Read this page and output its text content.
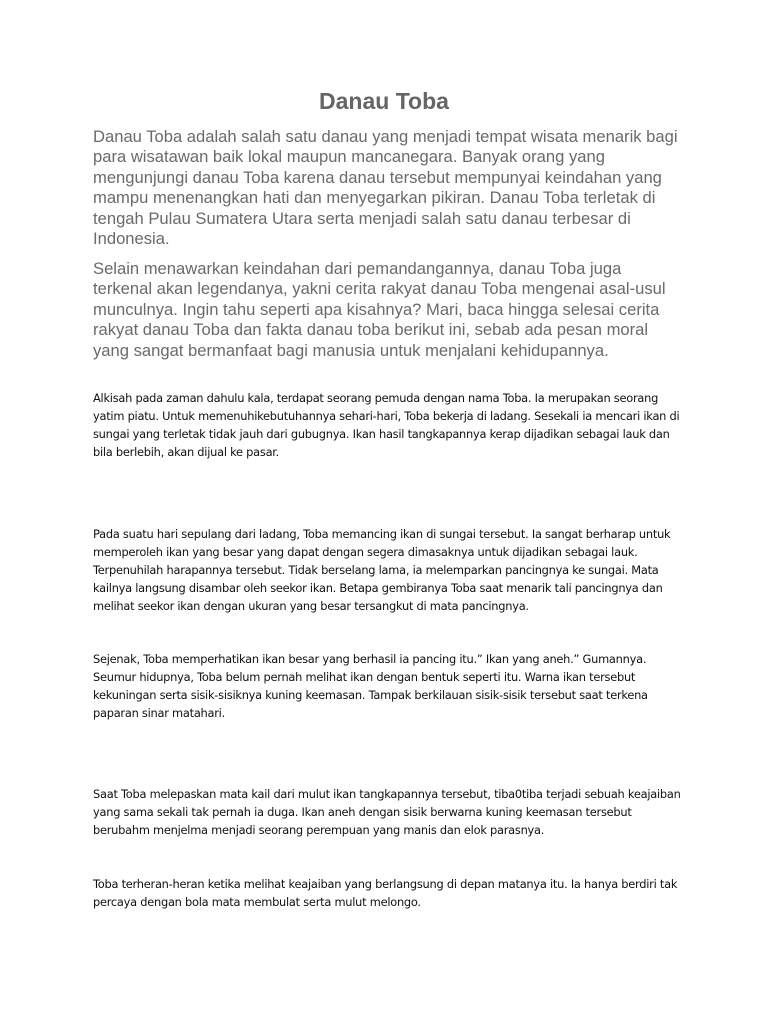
Danau Toba

Danau Toba adalah salah satu danau yang menjadi tempat wisata menarik bagi para wisatawan baik lokal maupun mancanegara. Banyak orang yang mengunjungi danau Toba karena danau tersebut mempunyai keindahan yang mampu menenangkan hati dan menyegarkan pikiran. Danau Toba terletak di tengah Pulau Sumatera Utara serta menjadi salah satu danau terbesar di Indonesia.

Selain menawarkan keindahan dari pemandangannya, danau Toba juga terkenal akan legendanya, yakni cerita rakyat danau Toba mengenai asal-usul munculnya. Ingin tahu seperti apa kisahnya? Mari, baca hingga selesai cerita rakyat danau Toba dan fakta danau toba berikut ini, sebab ada pesan moral yang sangat bermanfaat bagi manusia untuk menjalani kehidupannya.

Alkisah pada zaman dahulu kala, terdapat seorang pemuda dengan nama Toba. Ia merupakan seorang yatim piatu. Untuk memenuhikebutuhannya sehari-hari, Toba bekerja di ladang. Sesekali ia mencari ikan di sungai yang terletak tidak jauh dari gubugnya. Ikan hasil tangkapannya kerap dijadikan sebagai lauk dan bila berlebih, akan dijual ke pasar.

Pada suatu hari sepulang dari ladang, Toba memancing ikan di sungai tersebut. Ia sangat berharap untuk memperoleh ikan yang besar yang dapat dengan segera dimasaknya untuk dijadikan sebagai lauk. Terpenuhilah harapannya tersebut. Tidak berselang lama, ia melemparkan pancingnya ke sungai. Mata kailnya langsung disambar oleh seekor ikan. Betapa gembiranya Toba saat menarik tali pancingnya dan melihat seekor ikan dengan ukuran yang besar tersangkut di mata pancingnya.

Sejenak, Toba memperhatikan ikan besar yang berhasil ia pancing itu.” Ikan yang aneh.” Gumannya. Seumur hidupnya, Toba belum pernah melihat ikan dengan bentuk seperti itu. Warna ikan tersebut kekuningan serta sisik-sisiknya kuning keemasan. Tampak berkilauan sisik-sisik tersebut saat terkena paparan sinar matahari.

Saat Toba melepaskan mata kail dari mulut ikan tangkapannya tersebut, tiba0tiba terjadi sebuah keajaiban yang sama sekali tak pernah ia duga. Ikan aneh dengan sisik berwarna kuning keemasan tersebut berubahm menjelma menjadi seorang perempuan yang manis dan elok parasnya.

Toba terheran-heran ketika melihat keajaiban yang berlangsung di depan matanya itu. Ia hanya berdiri tak percaya dengan bola mata membulat serta mulut melongo.
